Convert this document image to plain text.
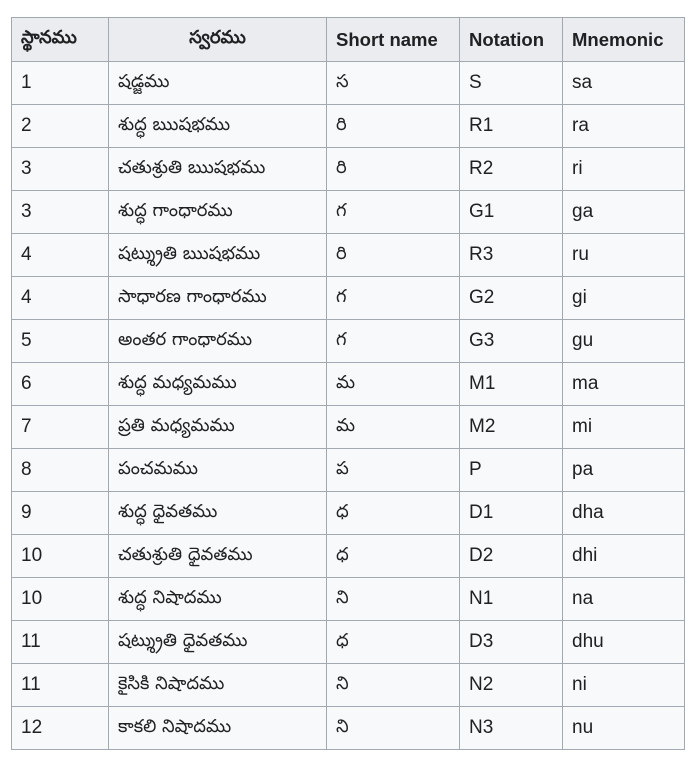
స్థానము	స్వరము	Short name	Notation	Mnemonic
1	షడ్జము	స	S	sa
2	శుద్ధ ఋషభము	రి	R1	ra
3	చతుశ్రుతి ఋషభము	రి	R2	ri
3	శుద్ధ గాంధారము	గ	G1	ga
4	షట్శ్రుతి ఋషభము	రి	R3	ru
4	సాధారణ గాంధారము	గ	G2	gi
5	అంతర గాంధారము	గ	G3	gu
6	శుద్ధ మధ్యమము	మ	M1	ma
7	ప్రతి మధ్యమము	మ	M2	mi
8	పంచమము	ప	P	pa
9	శుద్ధ ధైవతము	ధ	D1	dha
10	చతుశ్రుతి ధైవతము	ధ	D2	dhi
10	శుద్ధ నిషాదము	ని	N1	na
11	షట్శ్రుతి ధైవతము	ధ	D3	dhu
11	కైసికి నిషాదము	ని	N2	ni
12	కాకలి నిషాదము	ని	N3	nu
